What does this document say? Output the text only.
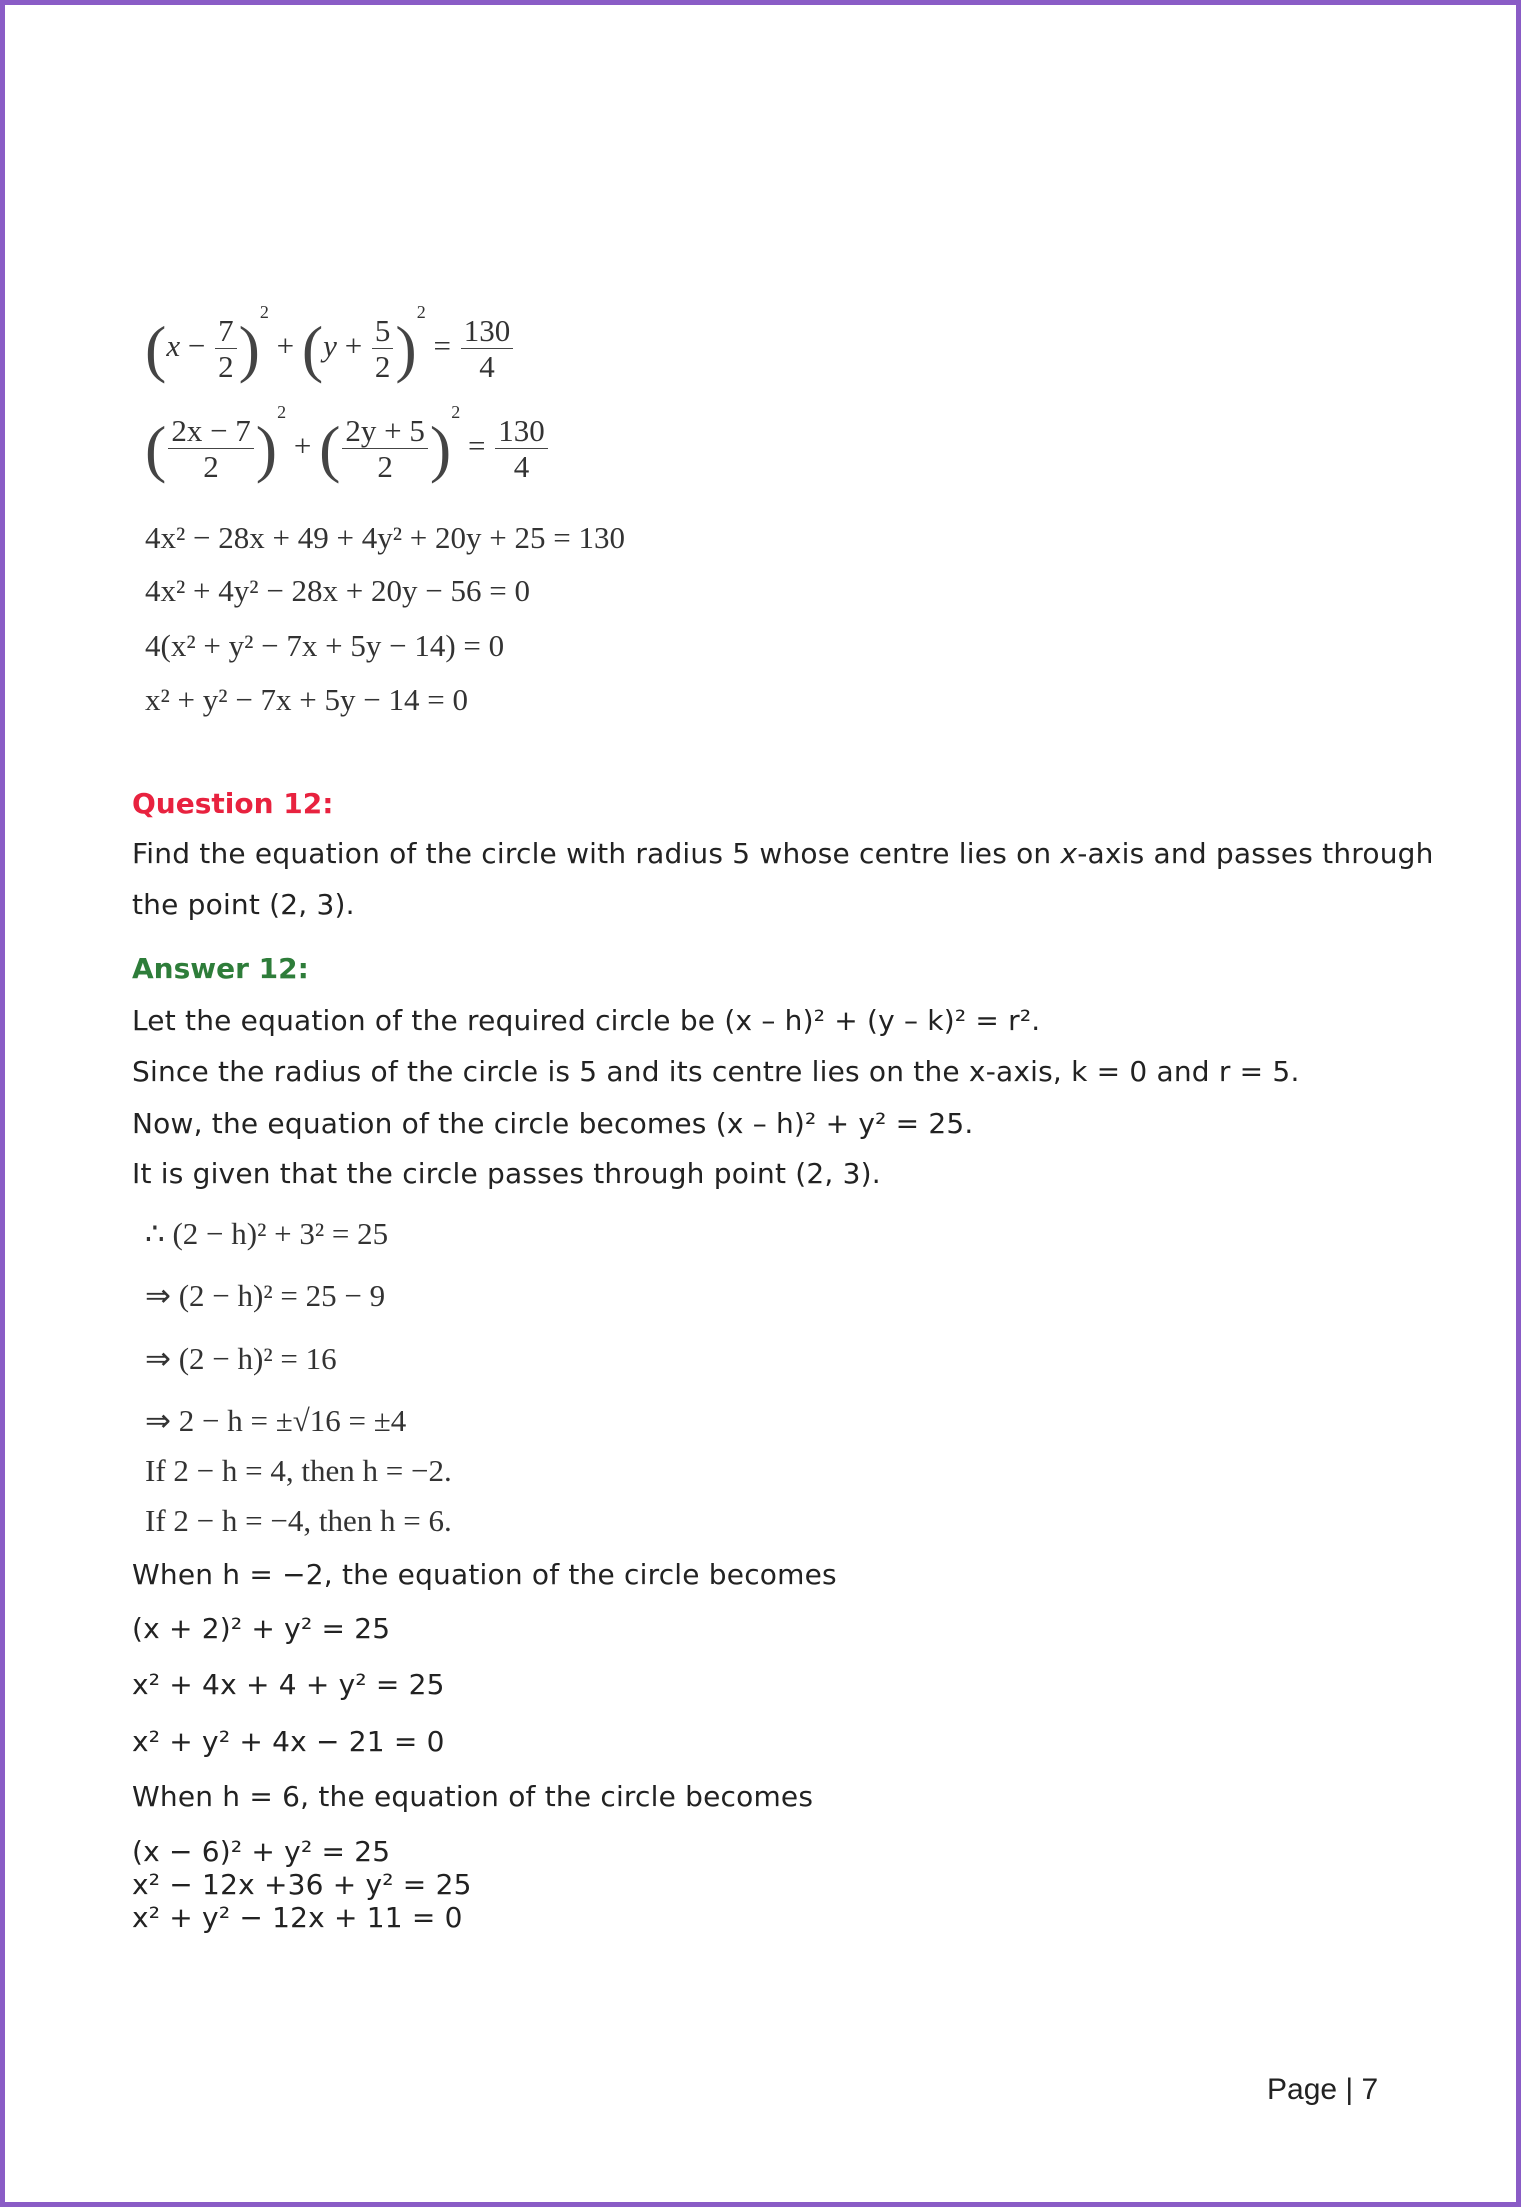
$(x - \frac{7}{2} )^2 + (y + \frac{5}{2} )^2 = \frac{130}{4}$
( $\frac{2x - 7}{2} )^2$ + ( $\frac{2y + 5}{2} )^2 = \frac{130}{4}$
4x² − 28x + 49 + 4y² + 20y + 25 = 130
4x² + 4y² − 28x + 20y − 56 = 0
4(x² + y² − 7x + 5y − 14) = 0
x² + y² − 7x + 5y − 14 = 0
Question 12:
Find the equation of the circle with radius 5 whose centre lies on x-axis and passes through
the point (2, 3).
Answer 12:
Let the equation of the required circle be (x – h)² + (y – k)² = r².
Since the radius of the circle is 5 and its centre lies on the x-axis, k = 0 and r = 5.
Now, the equation of the circle becomes (x – h)² + y² = 25.
It is given that the circle passes through point (2, 3).
∴ (2 − h)² + 3² = 25
⇒ (2 − h)² = 25 − 9
⇒ (2 − h)² = 16
⇒ 2 − h = ±√16 = ±4
If 2 − h = 4, then h = −2.
If 2 − h = −4, then h = 6.
When h = −2, the equation of the circle becomes
(x + 2)² + y² = 25
x² + 4x + 4 + y² = 25
x² + y² + 4x − 21 = 0
When h = 6, the equation of the circle becomes
(x − 6)² + y² = 25
x² − 12x +36 + y² = 25
x² + y² − 12x + 11 = 0
Page | 7
